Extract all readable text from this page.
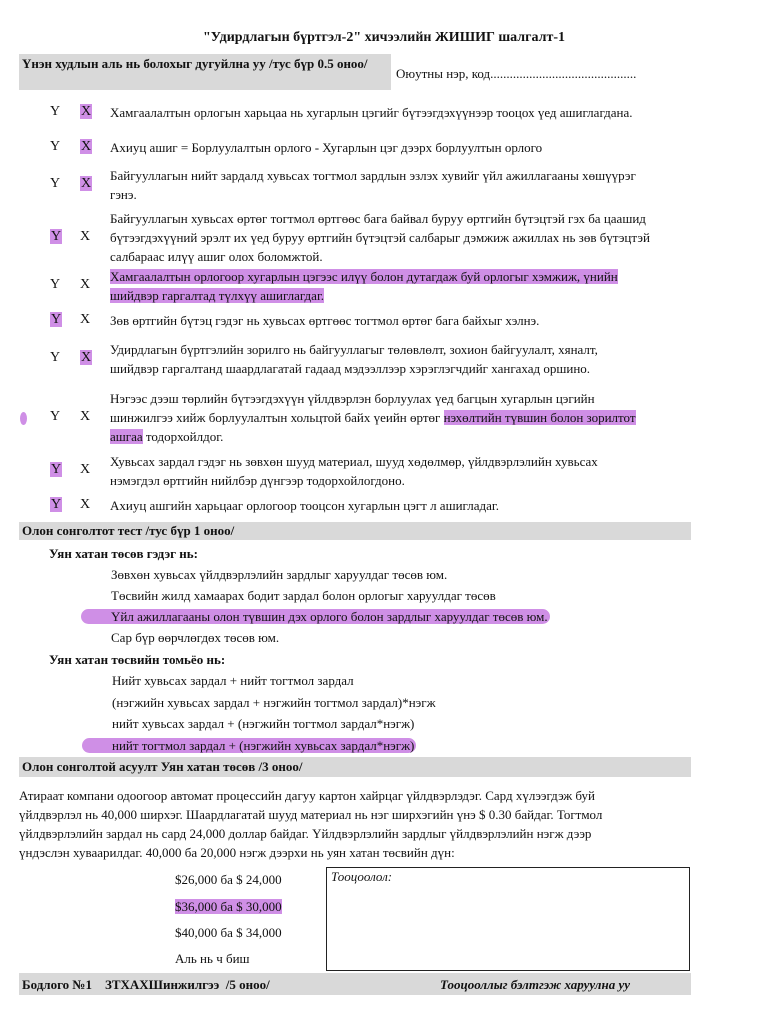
"Удирдлагын бүртгэл-2" хичээлийн ЖИШИГ шалгалт-1
Үнэн худлын аль нь болохыг дугуйлна уу /тус бүр 0.5 оноо/
Оюутны нэр, код.............................................
Y X Хамгаалалтын орлогын харьцаа нь хугарлын цэгийг бүтээгдэхүүнээр тооцох үед ашиглагдана.
Y X Ахиуц ашиг = Борлуулалтын орлого - Хугарлын цэг дээрх борлуултын орлого
Y X
Байгууллагын нийт зардалд хувьсах тогтмол зардлын эзлэх хувийг үйл ажиллагааны хөшүүрэг
гэнэ.
Y X
Байгууллагын хувьсах өртөг тогтмол өртгөөс бага байвал буруу өртгийн бүтэцтэй гэх ба цаашид
бүтээгдэхүүний эрэлт их үед буруу өртгийн бүтэцтэй салбарыг дэмжиж ажиллах нь зөв бүтэцтэй
салбараас илүү ашиг олох боломжтой.
Y X
Хамгаалалтын орлогоор хугарлын цэгээс илүү болон дутагдаж буй орлогыг хэмжиж, үнийн
шийдвэр гаргалтад түлхүү ашиглагдаг.
Y X Зөв өртгийн бүтэц гэдэг нь хувьсах өртгөөс тогтмол өртөг бага байхыг хэлнэ.
Y X
Удирдлагын бүртгэлийн зорилго нь байгууллагыг төлөвлөлт, зохион байгуулалт, хяналт,
шийдвэр гаргалтанд шаардлагатай гадаад мэдээллээр хэрэглэгчдийг хангахад оршино.
Y X
Нэгээс дээш төрлийн бүтээгдэхүүн үйлдвэрлэн борлуулах үед багцын хугарлын цэгийн
шинжилгээ хийж борлуулалтын хольцтой байх үеийн өртөг нэхөлтийн түвшин болон зорилтот
ашгаа тодорхойлдог.
Y X
Хувьсах зардал гэдэг нь зөвхөн шууд материал, шууд хөдөлмөр, үйлдвэрлэлийн хувьсах
нэмэгдэл өртгийн нийлбэр дүнгээр тодорхойлогдоно.
Y X Ахиуц ашгийн харьцааг орлогоор тооцсон хугарлын цэгт л ашигладаг.
Олон сонголтот тест /тус бүр 1 оноо/
Уян хатан төсөв гэдэг нь:
Зөвхөн хувьсах үйлдвэрлэлийн зардлыг харуулдаг төсөв юм.
Төсвийн жилд хамаарах бодит зардал болон орлогыг харуулдаг төсөв
Үйл ажиллагааны олон түвшин дэх орлого болон зардлыг харуулдаг төсөв юм.
Сар бүр өөрчлөгдөх төсөв юм.
Уян хатан төсвийн томьёо нь:
Нийт хувьсах зардал + нийт тогтмол зардал
(нэгжийн хувьсах зардал + нэгжийн тогтмол зардал)*нэгж
нийт хувьсах зардал + (нэгжийн тогтмол зардал*нэгж)
нийт тогтмол зардал + (нэгжийн хувьсах зардал*нэгж)
Олон сонголтой асуулт Уян хатан төсөв /3 оноо/
Атираат компани одоогоор автомат процессийн дагуу картон хайрцаг үйлдвэрлэдэг. Сард хүлээгдэж буй
үйлдвэрлэл нь 40,000 ширхэг. Шаардлагатай шууд материал нь нэг ширхэгийн үнэ $ 0.30 байдаг. Тогтмол
үйлдвэрлэлийн зардал нь сард 24,000 доллар байдаг. Үйлдвэрлэлийн зардлыг үйлдвэрлэлийн нэгж дээр
үндэслэн хуваарилдаг. 40,000 ба 20,000 нэгж дээрхи нь уян хатан төсвийн дүн:
$26,000 ба $ 24,000
$36,000 ба $ 30,000
$40,000 ба $ 34,000
Аль нь ч биш
Тооцоолол:
Бодлого №1    ЗТХАХШинжилгээ  /5 оноо/	Тооцооллыг бэлтгэж харуулна уу
